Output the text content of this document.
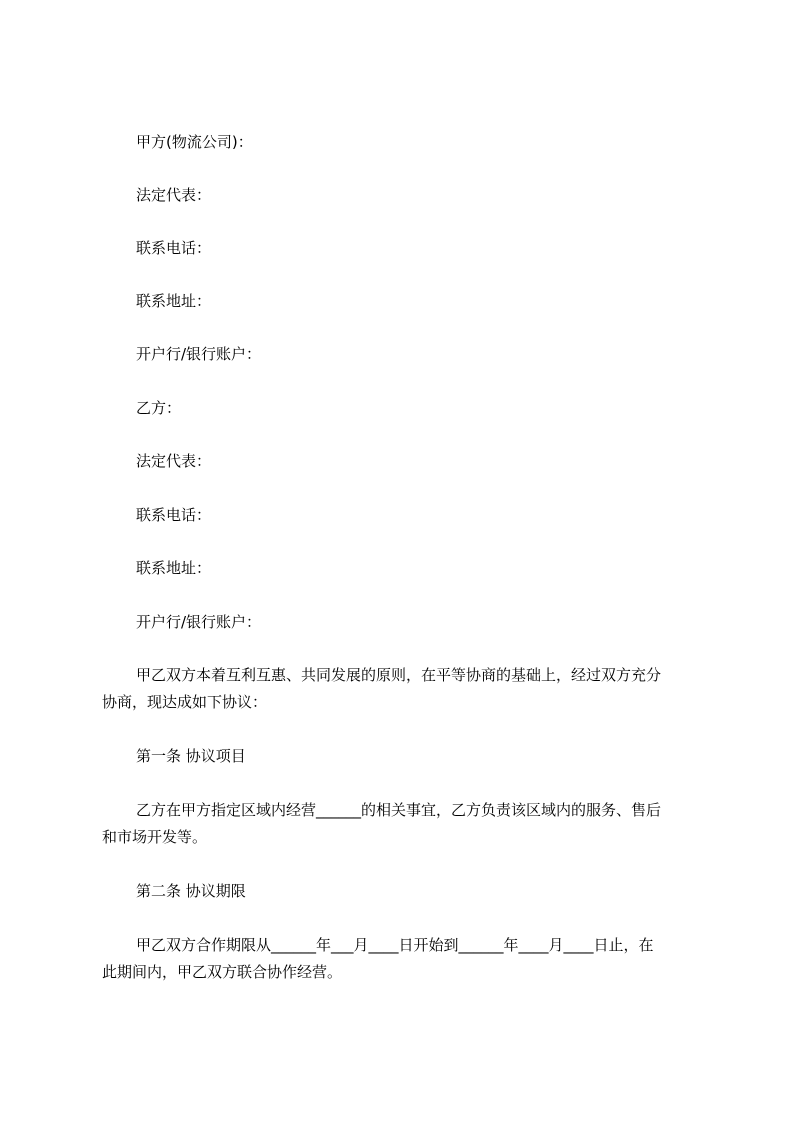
甲方(物流公司)：
法定代表：
联系电话：
联系地址：
开户行/银行账户：
乙方：
法定代表：
联系电话：
联系地址：
开户行/银行账户：
甲乙双方本着互利互惠、共同发展的原则，在平等协商的基础上，经过双方充分
协商，现达成如下协议：
第一条 协议项目
乙方在甲方指定区域内经营______的相关事宜，乙方负责该区域内的服务、售后
和市场开发等。
第二条 协议期限
甲乙双方合作期限从______年___月____日开始到______年____月____日止，在
此期间内，甲乙双方联合协作经营。
